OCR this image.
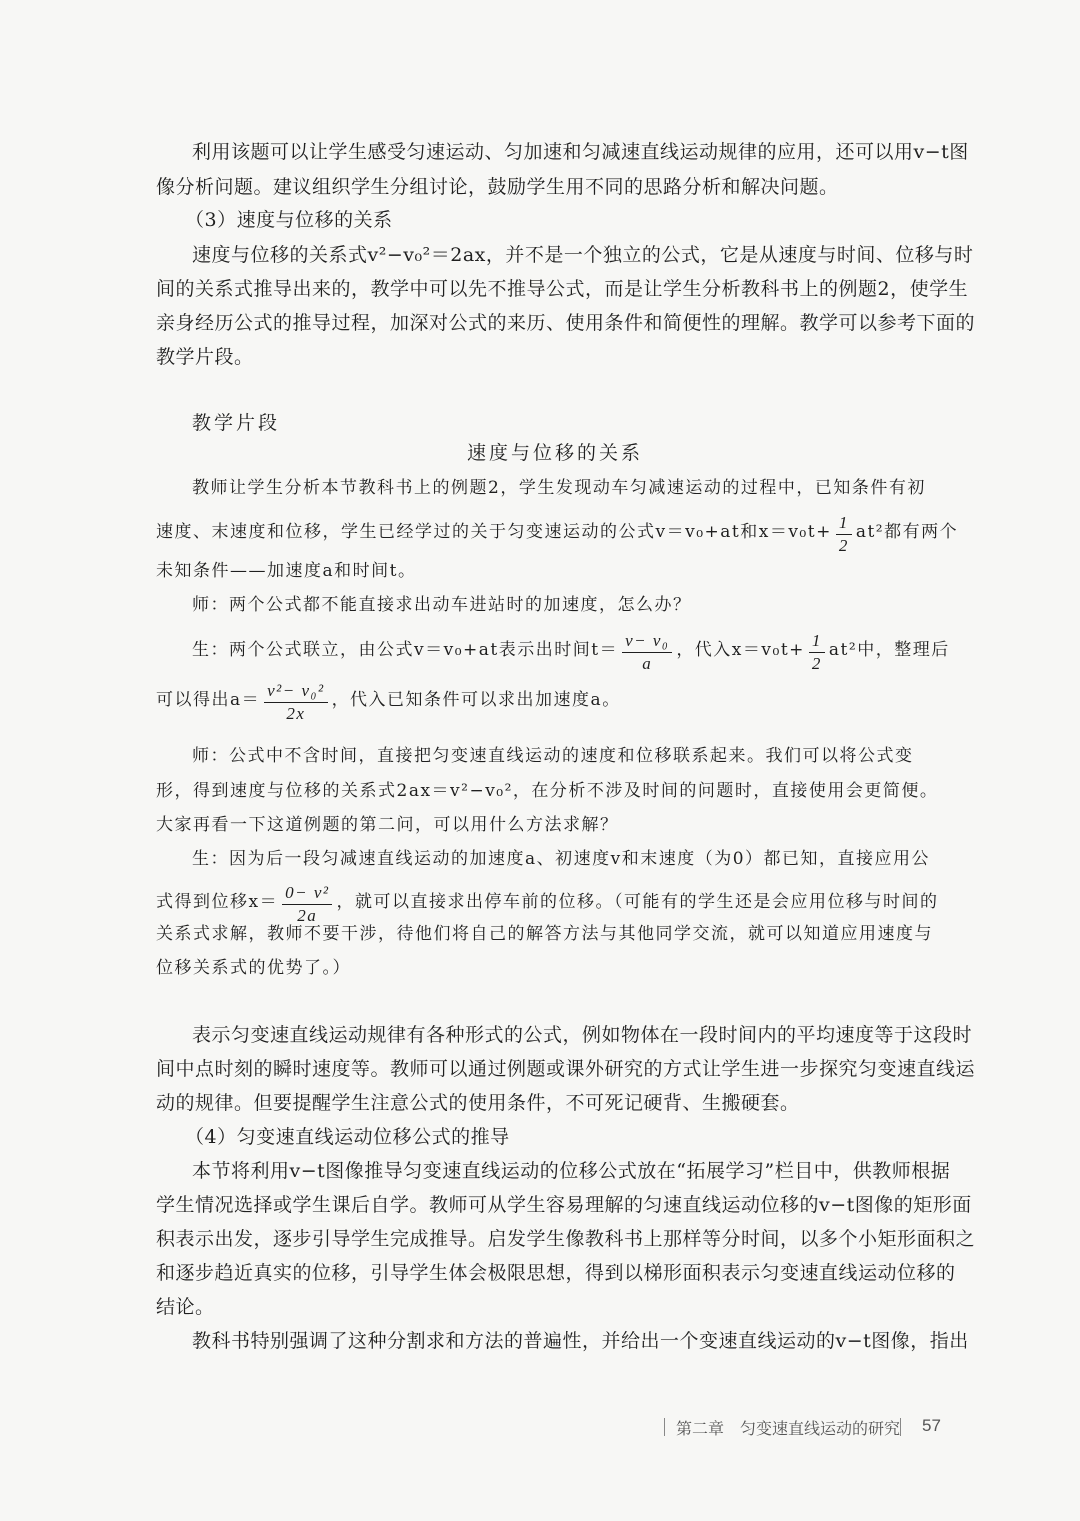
利用该题可以让学生感受匀速运动、匀加速和匀减速直线运动规律的应用，还可以用v−t图
像分析问题。建议组织学生分组讨论，鼓励学生用不同的思路分析和解决问题。
（3）速度与位移的关系
速度与位移的关系式v²−v₀²＝2ax，并不是一个独立的公式，它是从速度与时间、位移与时
间的关系式推导出来的，教学中可以先不推导公式，而是让学生分析教科书上的例题2，使学生
亲身经历公式的推导过程，加深对公式的来历、使用条件和简便性的理解。教学可以参考下面的
教学片段。
教学片段
速度与位移的关系
教师让学生分析本节教科书上的例题2，学生发现动车匀减速运动的过程中，已知条件有初
速度、末速度和位移，学生已经学过的关于匀变速运动的公式v＝v₀+at和$x=v_0t+ \frac{1}{2} at^2$都有两个
未知条件——加速度a和时间t。
师：两个公式都不能直接求出动车进站时的加速度，怎么办？
生：两个公式联立，由公式v＝v₀+at表示出时间$t= \frac{\text{v− v₀}}{a}$ ，代入$x=v_0t+ \frac{1}{2} at^2$中，整理后
可以得出$a= \frac{\text{v²− v₀²}}{2x}$ ，代入已知条件可以求出加速度a。
师：公式中不含时间，直接把匀变速直线运动的速度和位移联系起来。我们可以将公式变
形，得到速度与位移的关系式2ax＝v²−v₀²，在分析不涉及时间的问题时，直接使用会更简便。
大家再看一下这道例题的第二问，可以用什么方法求解？
生：因为后一段匀减速直线运动的加速度a、初速度v和末速度（为0）都已知，直接应用公
式得到位移$x= \frac{\text{0− v²}}{2a}$ ，就可以直接求出停车前的位移。（可能有的学生还是会应用位移与时间的
关系式求解，教师不要干涉，待他们将自己的解答方法与其他同学交流，就可以知道应用速度与
位移关系式的优势了。）
表示匀变速直线运动规律有各种形式的公式，例如物体在一段时间内的平均速度等于这段时
间中点时刻的瞬时速度等。教师可以通过例题或课外研究的方式让学生进一步探究匀变速直线运
动的规律。但要提醒学生注意公式的使用条件，不可死记硬背、生搬硬套。
（4）匀变速直线运动位移公式的推导
本节将利用v−t图像推导匀变速直线运动的位移公式放在“拓展学习”栏目中，供教师根据
学生情况选择或学生课后自学。教师可从学生容易理解的匀速直线运动位移的v−t图像的矩形面
积表示出发，逐步引导学生完成推导。启发学生像教科书上那样等分时间，以多个小矩形面积之
和逐步趋近真实的位移，引导学生体会极限思想，得到以梯形面积表示匀变速直线运动位移的
结论。
教科书特别强调了这种分割求和方法的普遍性，并给出一个变速直线运动的v−t图像，指出
第二章　匀变速直线运动的研究 57
